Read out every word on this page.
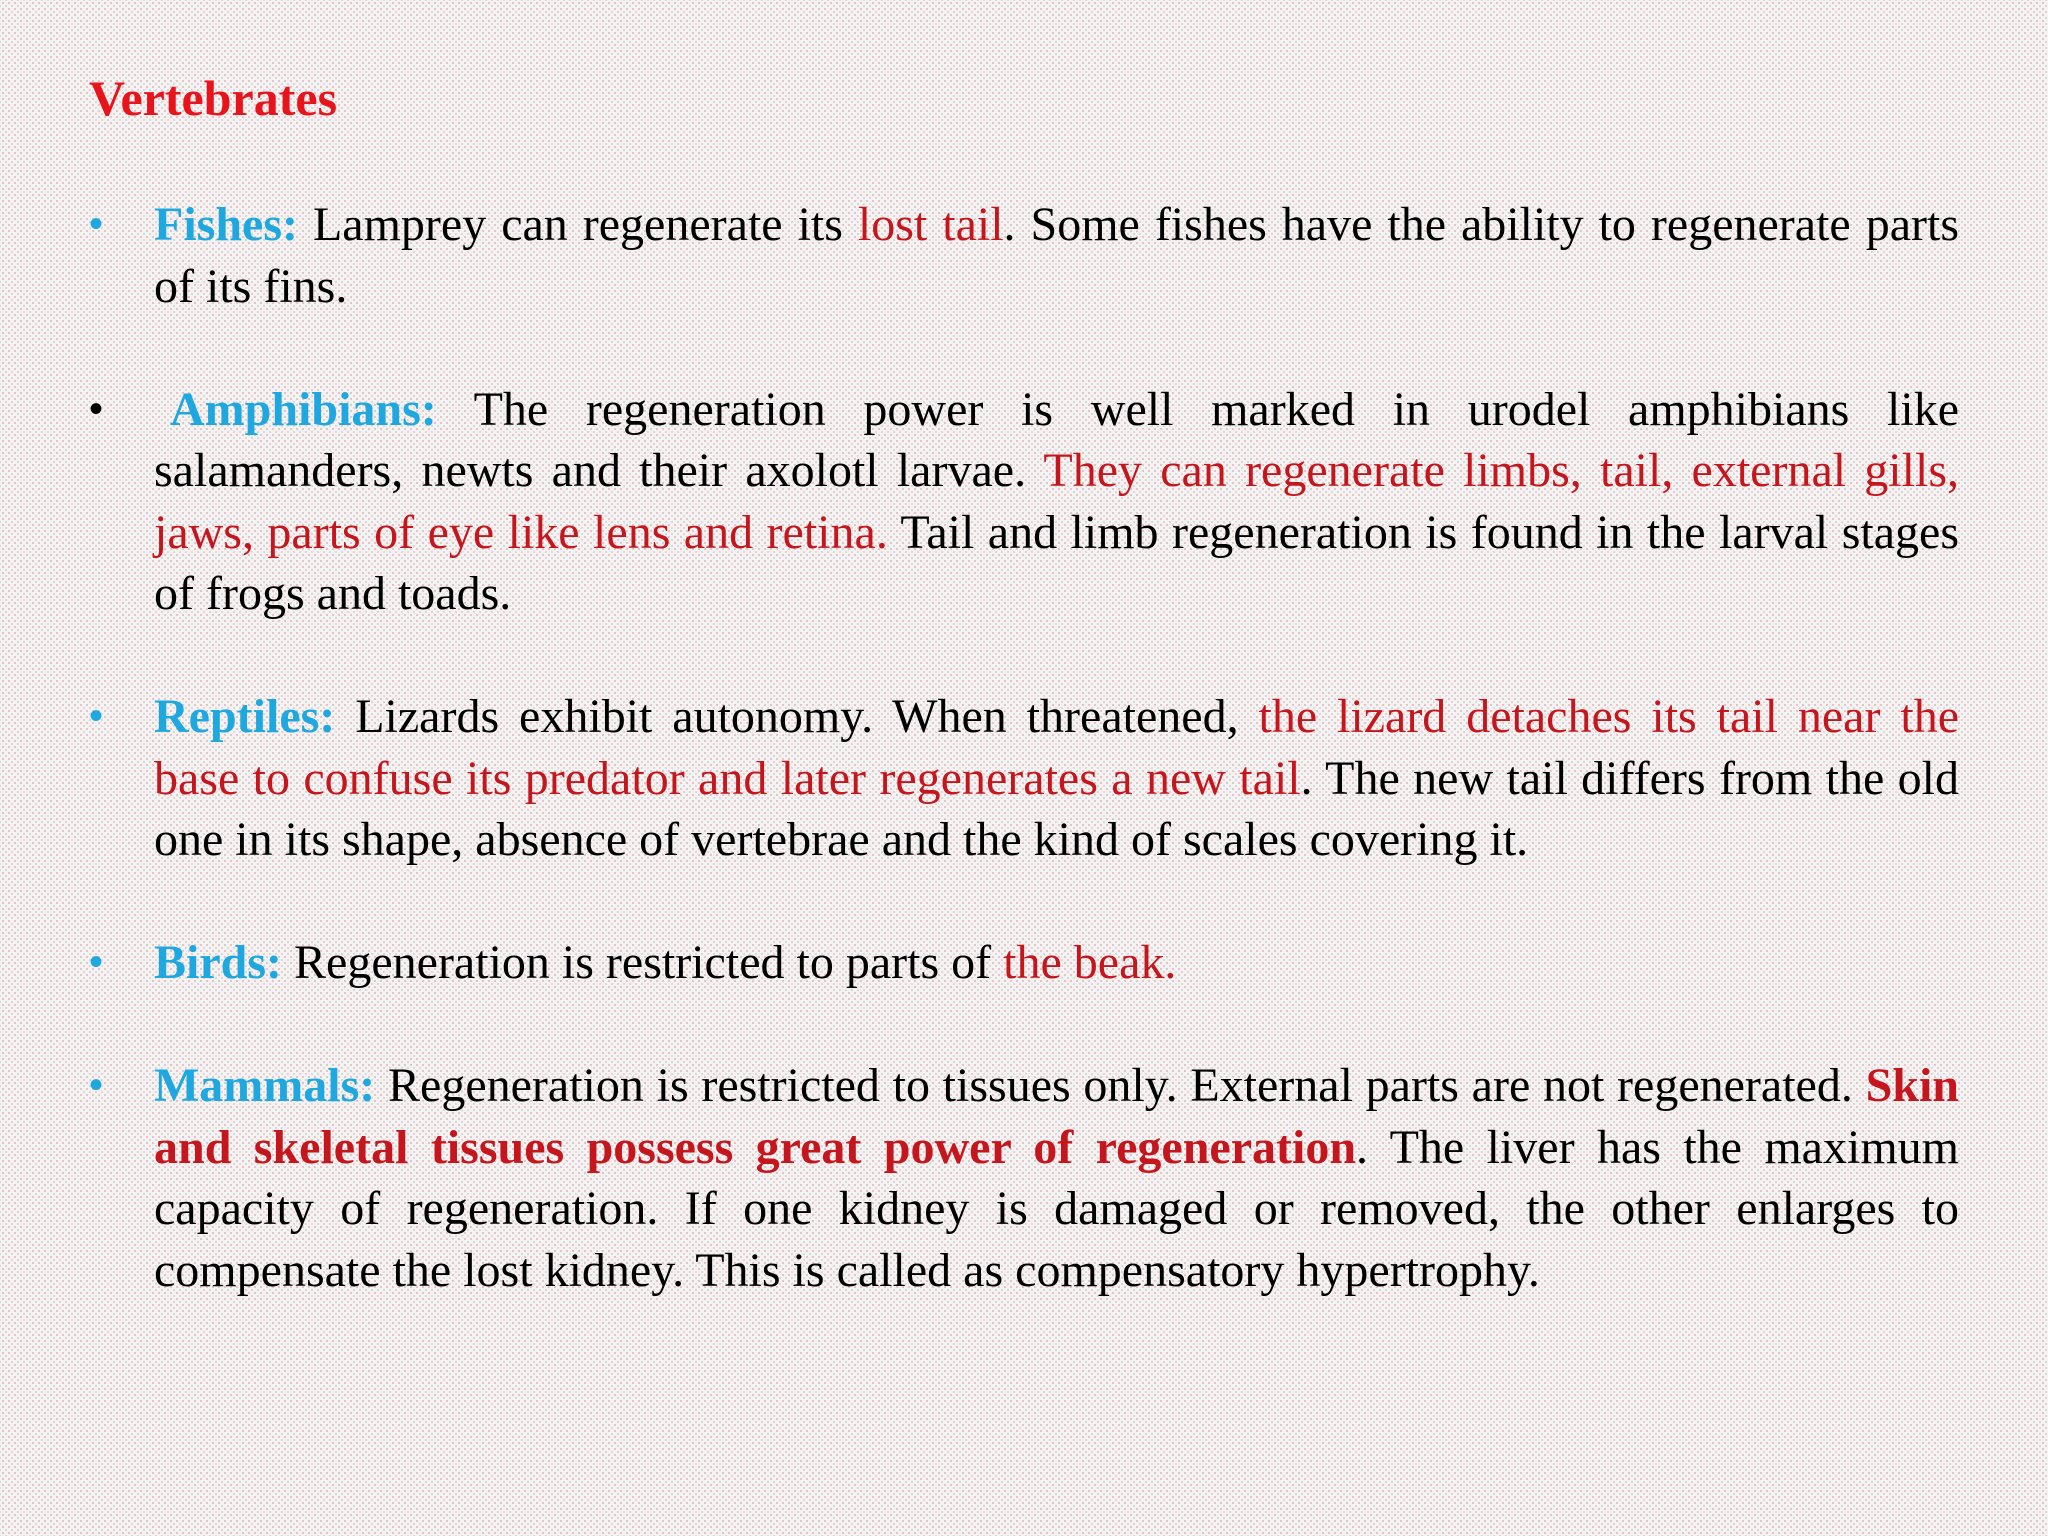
Vertebrates
•	Fishes: Lamprey can regenerate its lost tail. Some fishes have the ability to regenerate parts of its fins.
•	Amphibians: The regeneration power is well marked in urodel amphibians like salamanders, newts and their axolotl larvae. They can regenerate limbs, tail, external gills, jaws, parts of eye like lens and retina. Tail and limb regeneration is found in the larval stages of frogs and toads.
•	Reptiles: Lizards exhibit autonomy. When threatened, the lizard detaches its tail near the base to confuse its predator and later regenerates a new tail. The new tail differs from the old one in its shape, absence of vertebrae and the kind of scales covering it.
•	Birds: Regeneration is restricted to parts of the beak.
•	Mammals: Regeneration is restricted to tissues only. External parts are not regenerated. Skin and skeletal tissues possess great power of regeneration. The liver has the maximum capacity of regeneration. If one kidney is damaged or removed, the other enlarges to compensate the lost kidney. This is called as compensatory hypertrophy.
